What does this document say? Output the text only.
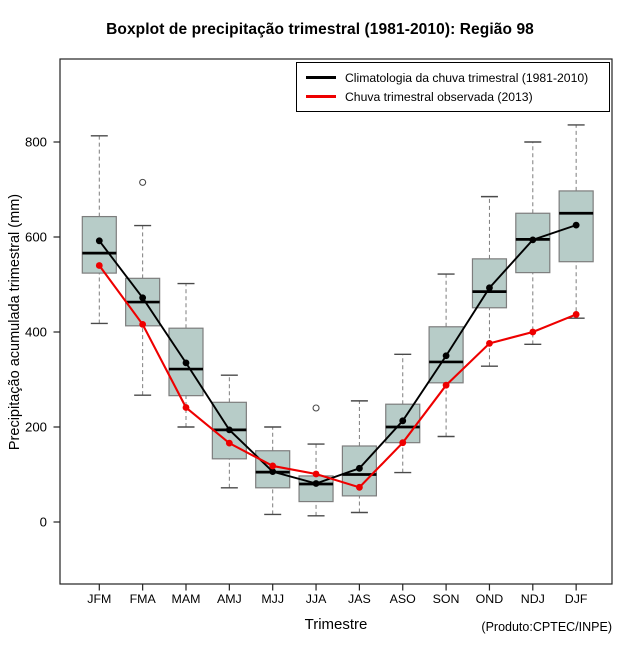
0
200
400
600
800
JFM FMA MAM AMJ MJJ JJA JAS ASO SON OND NDJ DJF
Boxplot de precipitação trimestral (1981-2010): Região 98
Precipitação acumulada trimestral (mm)
Trimestre	(Produto:CPTEC/INPE)
Climatologia da chuva trimestral (1981-2010)
Chuva trimestral observada (2013)
